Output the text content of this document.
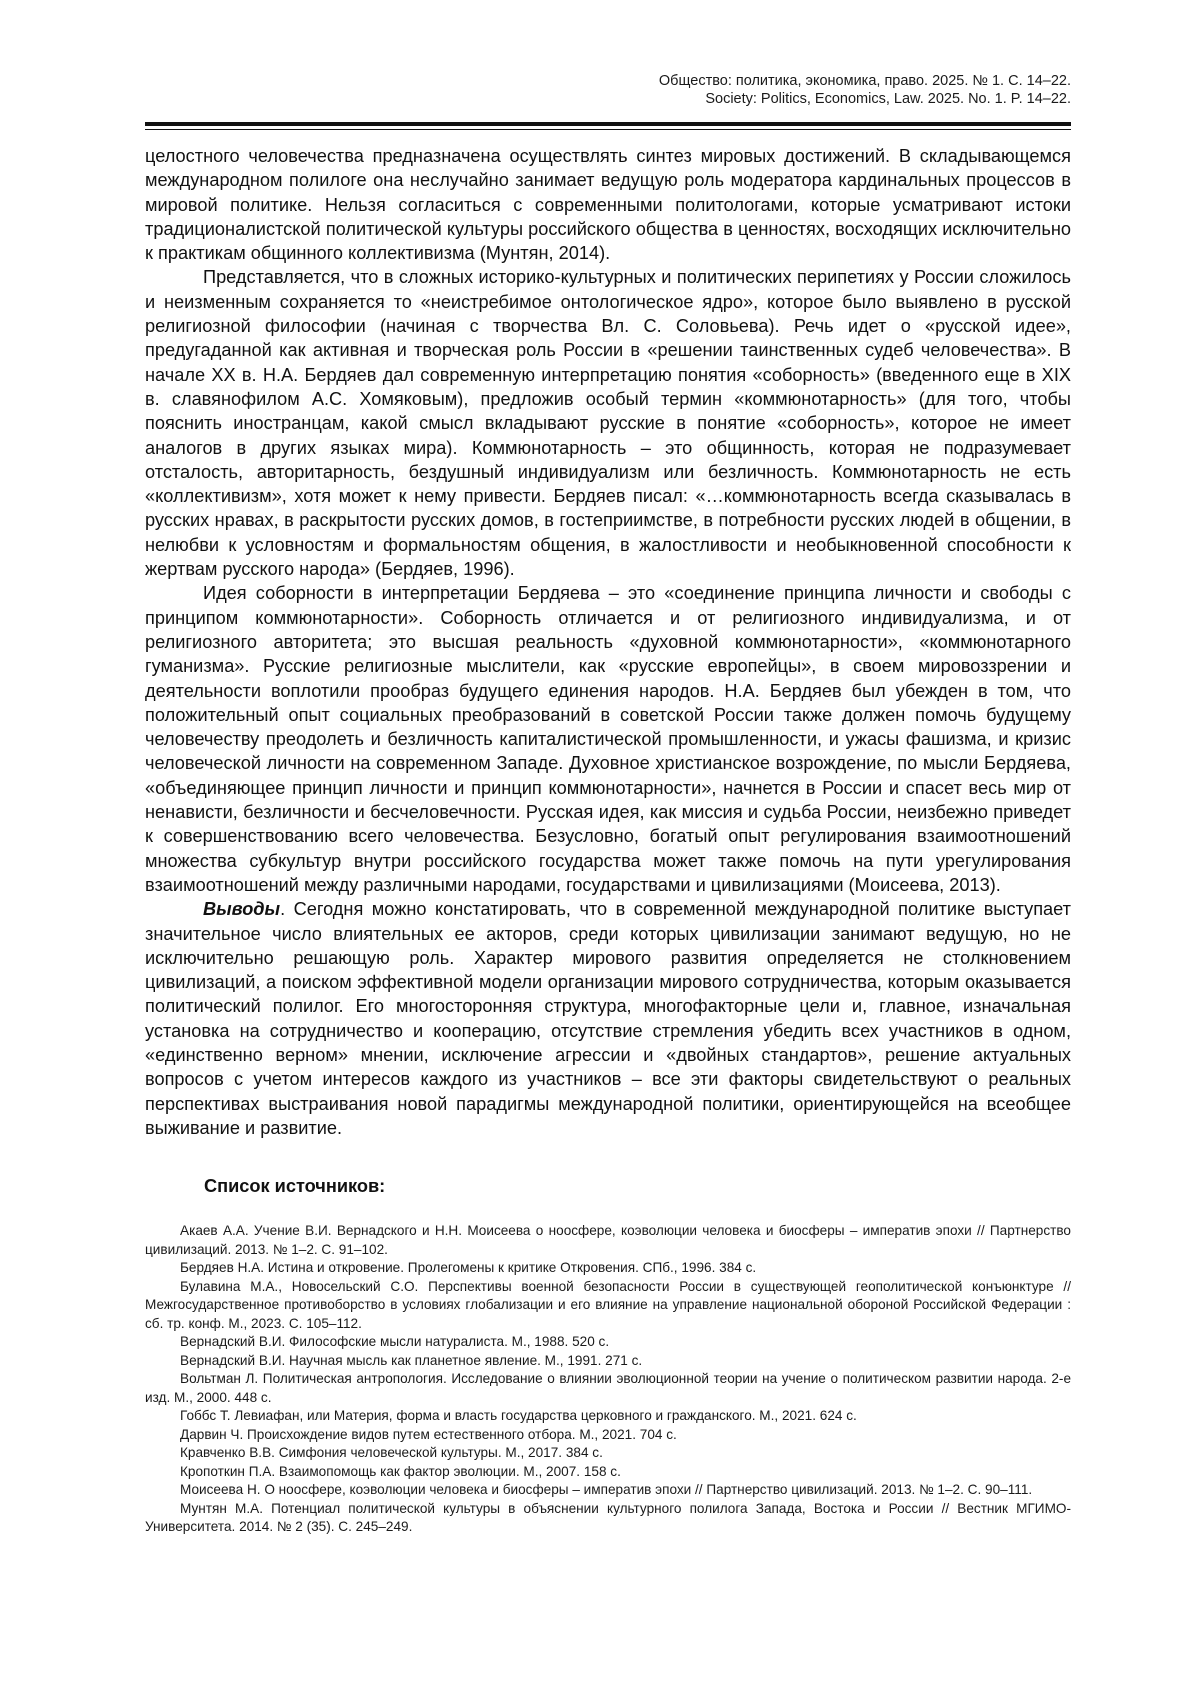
Общество: политика, экономика, право. 2025. № 1. С. 14–22.
Society: Politics, Economics, Law. 2025. No. 1. P. 14–22.

целостного человечества предназначена осуществлять синтез мировых достижений. В складывающемся международном полилоге она неслучайно занимает ведущую роль модератора кардинальных процессов в мировой политике. Нельзя согласиться с современными политологами, которые усматривают истоки традиционалистской политической культуры российского общества в ценностях, восходящих исключительно к практикам общинного коллективизма (Мунтян, 2014).

Представляется, что в сложных историко-культурных и политических перипетиях у России сложилось и неизменным сохраняется то «неистребимое онтологическое ядро», которое было выявлено в русской религиозной философии (начиная с творчества Вл. С. Соловьева). Речь идет о «русской идее», предугаданной как активная и творческая роль России в «решении таинственных судеб человечества». В начале XX в. Н.А. Бердяев дал современную интерпретацию понятия «соборность» (введенного еще в XIX в. славянофилом А.С. Хомяковым), предложив особый термин «коммюнотарность» (для того, чтобы пояснить иностранцам, какой смысл вкладывают русские в понятие «соборность», которое не имеет аналогов в других языках мира). Коммюнотарность – это общинность, которая не подразумевает отсталость, авторитарность, бездушный индивидуализм или безличность. Коммюнотарность не есть «коллективизм», хотя может к нему привести. Бердяев писал: «…коммюнотарность всегда сказывалась в русских нравах, в раскрытости русских домов, в гостеприимстве, в потребности русских людей в общении, в нелюбви к условностям и формальностям общения, в жалостливости и необыкновенной способности к жертвам русского народа» (Бердяев, 1996).

Идея соборности в интерпретации Бердяева – это «соединение принципа личности и свободы с принципом коммюнотарности». Соборность отличается и от религиозного индивидуализма, и от религиозного авторитета; это высшая реальность «духовной коммюнотарности», «коммюнотарного гуманизма». Русские религиозные мыслители, как «русские европейцы», в своем мировоззрении и деятельности воплотили прообраз будущего единения народов. Н.А. Бердяев был убежден в том, что положительный опыт социальных преобразований в советской России также должен помочь будущему человечеству преодолеть и безличность капиталистической промышленности, и ужасы фашизма, и кризис человеческой личности на современном Западе. Духовное христианское возрождение, по мысли Бердяева, «объединяющее принцип личности и принцип коммюнотарности», начнется в России и спасет весь мир от ненависти, безличности и бесчеловечности. Русская идея, как миссия и судьба России, неизбежно приведет к совершенствованию всего человечества. Безусловно, богатый опыт регулирования взаимоотношений множества субкультур внутри российского государства может также помочь на пути урегулирования взаимоотношений между различными народами, государствами и цивилизациями (Моисеева, 2013).

Выводы. Сегодня можно констатировать, что в современной международной политике выступает значительное число влиятельных ее акторов, среди которых цивилизации занимают ведущую, но не исключительно решающую роль. Характер мирового развития определяется не столкновением цивилизаций, а поиском эффективной модели организации мирового сотрудничества, которым оказывается политический полилог. Его многосторонняя структура, многофакторные цели и, главное, изначальная установка на сотрудничество и кооперацию, отсутствие стремления убедить всех участников в одном, «единственно верном» мнении, исключение агрессии и «двойных стандартов», решение актуальных вопросов с учетом интересов каждого из участников – все эти факторы свидетельствуют о реальных перспективах выстраивания новой парадигмы международной политики, ориентирующейся на всеобщее выживание и развитие.

Список источников:

Акаев А.А. Учение В.И. Вернадского и Н.Н. Моисеева о ноосфере, коэволюции человека и биосферы – императив эпохи // Партнерство цивилизаций. 2013. № 1–2. С. 91–102.

Бердяев Н.А. Истина и откровение. Пролегомены к критике Откровения. СПб., 1996. 384 с.

Булавина М.А., Новосельский С.О. Перспективы военной безопасности России в существующей геополитической конъюнктуре // Межгосударственное противоборство в условиях глобализации и его влияние на управление национальной обороной Российской Федерации : сб. тр. конф. М., 2023. С. 105–112.

Вернадский В.И. Философские мысли натуралиста. М., 1988. 520 с.

Вернадский В.И. Научная мысль как планетное явление. М., 1991. 271 с.

Вольтман Л. Политическая антропология. Исследование о влиянии эволюционной теории на учение о политическом развитии народа. 2-е изд. М., 2000. 448 с.

Гоббс Т. Левиафан, или Материя, форма и власть государства церковного и гражданского. М., 2021. 624 с.

Дарвин Ч. Происхождение видов путем естественного отбора. М., 2021. 704 с.

Кравченко В.В. Симфония человеческой культуры. М., 2017. 384 с.

Кропоткин П.А. Взаимопомощь как фактор эволюции. М., 2007. 158 с.

Моисеева Н. О ноосфере, коэволюции человека и биосферы – императив эпохи // Партнерство цивилизаций. 2013. № 1–2. С. 90–111.

Мунтян М.А. Потенциал политической культуры в объяснении культурного полилога Запада, Востока и России // Вестник МГИМО-Университета. 2014. № 2 (35). С. 245–249.
